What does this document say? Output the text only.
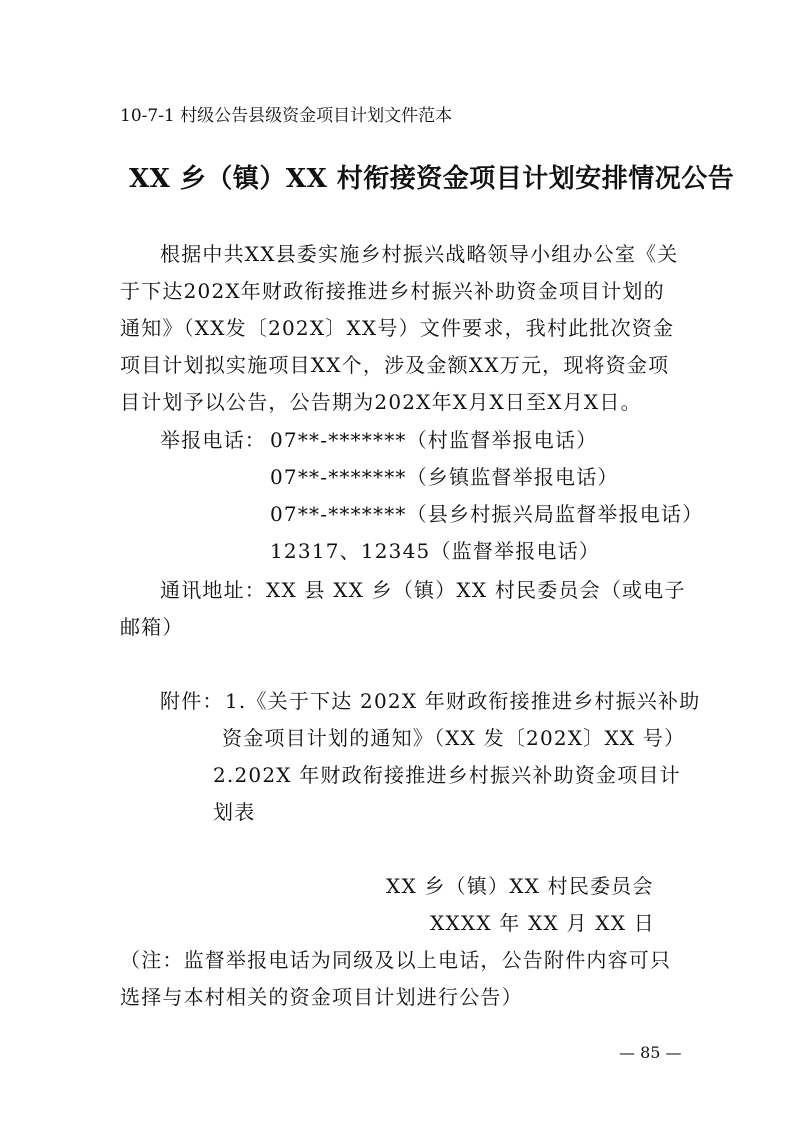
10-7-1 村级公告县级资金项目计划文件范本
XX 乡（镇）XX 村衔接资金项目计划安排情况公告
根据中共XX县委实施乡村振兴战略领导小组办公室《关
于下达202X年财政衔接推进乡村振兴补助资金项目计划的
通知》（XX发〔202X〕XX号）文件要求，我村此批次资金
项目计划拟实施项目XX个，涉及金额XX万元，现将资金项
目计划予以公告，公告期为202X年X月X日至X月X日。
举报电话： 07**-*******（村监督举报电话）
07**-*******（乡镇监督举报电话）
07**-*******（县乡村振兴局监督举报电话）
12317、12345（监督举报电话）
通讯地址：XX 县 XX 乡（镇）XX 村民委员会（或电子
邮箱）
附件： 1.《关于下达 202X 年财政衔接推进乡村振兴补助
资金项目计划的通知》（XX 发〔202X〕XX 号）
2.202X 年财政衔接推进乡村振兴补助资金项目计
划表
XX 乡（镇）XX 村民委员会
XXXX 年 XX 月 XX 日
（注：监督举报电话为同级及以上电话，公告附件内容可只
选择与本村相关的资金项目计划进行公告）
— 85 —
